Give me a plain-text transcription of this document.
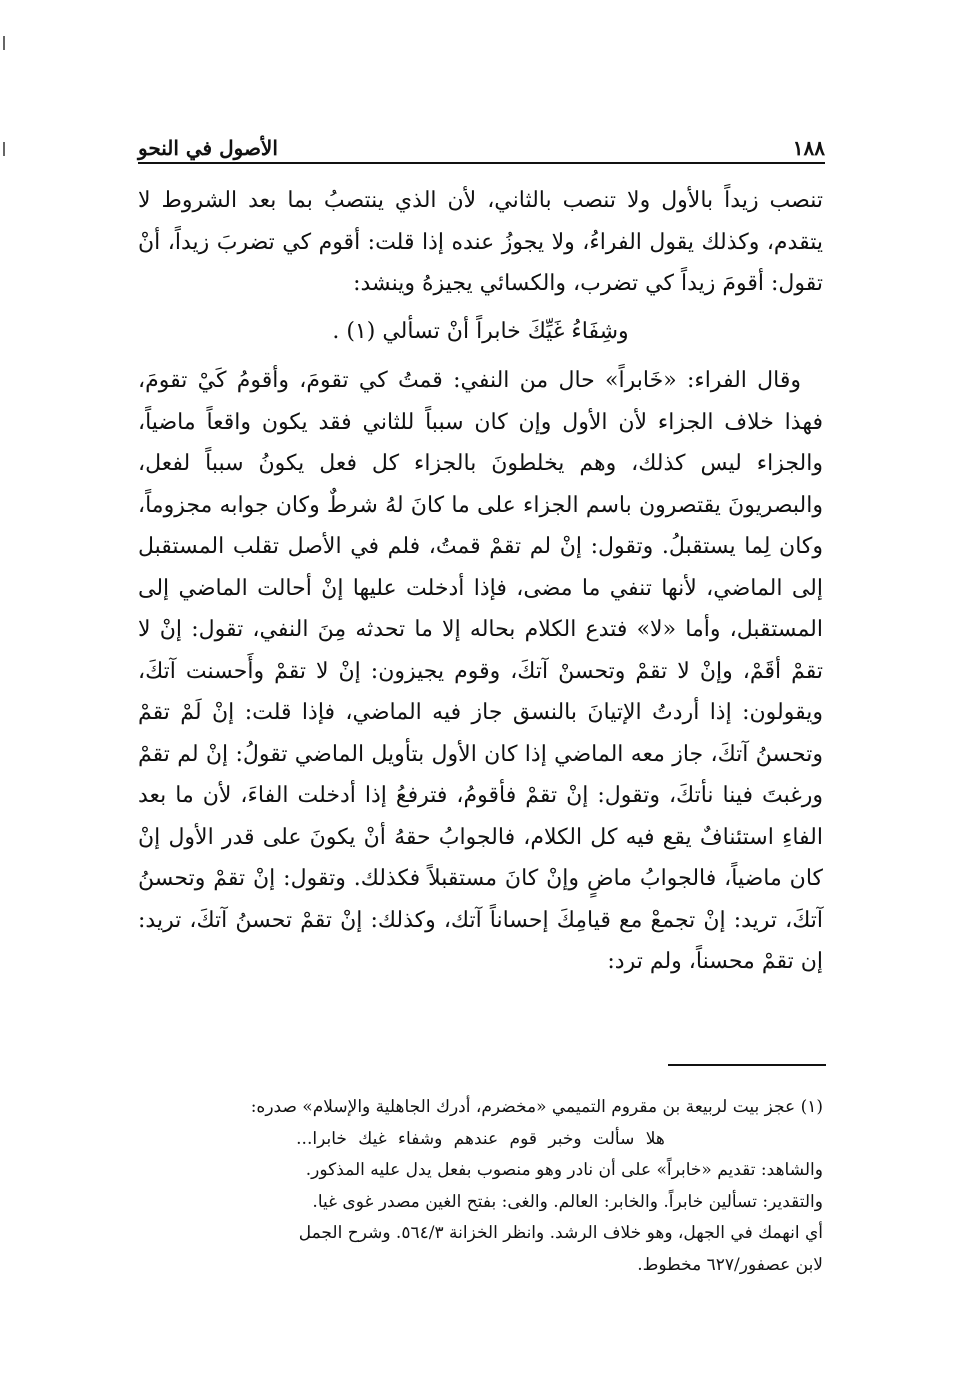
١٨٨
الأصول في النحو

تنصب زيداً بالأول ولا تنصب بالثاني، لأن الذي ينتصبُ بما بعد الشروط لا يتقدم، وكذلك يقول الفراءُ، ولا يجوزُ عنده إذا قلت: أقوم كي تضربَ زيداً، أنْ تقول: أقومَ زيداً كي تضرب، والكسائي يجيزهُ وينشد:

وشِفَاءُ غَيِّكَ خابراً أنْ تسألي (١) .

وقال الفراء: «خَابراً» حال من النفي: قمتُ كي تقومَ، وأقومُ كَيْ تقومَ، فهذا خلاف الجزاء لأن الأول وإن كان سبباً للثاني فقد يكون واقعاً ماضياً، والجزاء ليس كذلك، وهم يخلطونَ بالجزاء كل فعل يكونُ سبباً لفعل، والبصريونَ يقتصرون باسم الجزاء على ما كانَ لهُ شرطٌ وكان جوابه مجزوماً، وكان لِما يستقبلُ. وتقول: إنْ لم تقمْ قمتُ، فلم في الأصل تقلب المستقبل إلى الماضي، لأنها تنفي ما مضى، فإذا أدخلت عليها إنْ أحالت الماضي إلى المستقبل، وأما «لا» فتدع الكلام بحاله إلا ما تحدثه مِنَ النفي، تقول: إنْ لا تقمْ أقَمْ، وإنْ لا تقمْ وتحسنْ آتكَ، وقوم يجيزون: إنْ لا تقمْ وأَحسنت آتكَ، ويقولون: إذا أردتُ الإتيانَ بالنسق جاز فيه الماضي، فإذا قلت: إنْ لَمْ تقمْ وتحسنُ آتكَ، جاز معه الماضي إذا كان الأول بتأويل الماضي تقولُ: إنْ لم تقمْ ورغبتَ فينا نأتكَ، وتقول: إنْ تقمْ فأقومُ، فترفعُ إذا أدخلت الفاءَ، لأن ما بعد الفاءِ استئنافٌ يقع فيه كل الكلام، فالجوابُ حقهُ أنْ يكونَ على قدر الأول إنْ كان ماضياً، فالجوابُ ماضٍ وإنْ كانَ مستقبلاً فكذلك. وتقول: إنْ تقمْ وتحسنُ آتكَ، تريد: إنْ تجمعْ مع قيامِكَ إحساناً آتك، وكذلك: إنْ تقمْ تحسنُ آتكَ، تريد: إن تقمْ محسناً، ولم ترد:

(١) عجز بيت لربيعة بن مقروم التميمي «مخضرم، أدرك الجاهلية والإسلام» صدره:

هلا سألت وخبر قوم عندهم وشفاء غيك خابرا...

والشاهد: تقديم «خابراً» على أن نادر وهو منصوب بفعل يدل عليه المذكور.

والتقدير: تسألين خابراً. والخابر: العالم. والغى: بفتح الغين مصدر غوى غيا.

أي انهمك في الجهل، وهو خلاف الرشد. وانظر الخزانة ٥٦٤/٣. وشرح الجمل

لابن عصفور/٦٢٧ مخطوط.
